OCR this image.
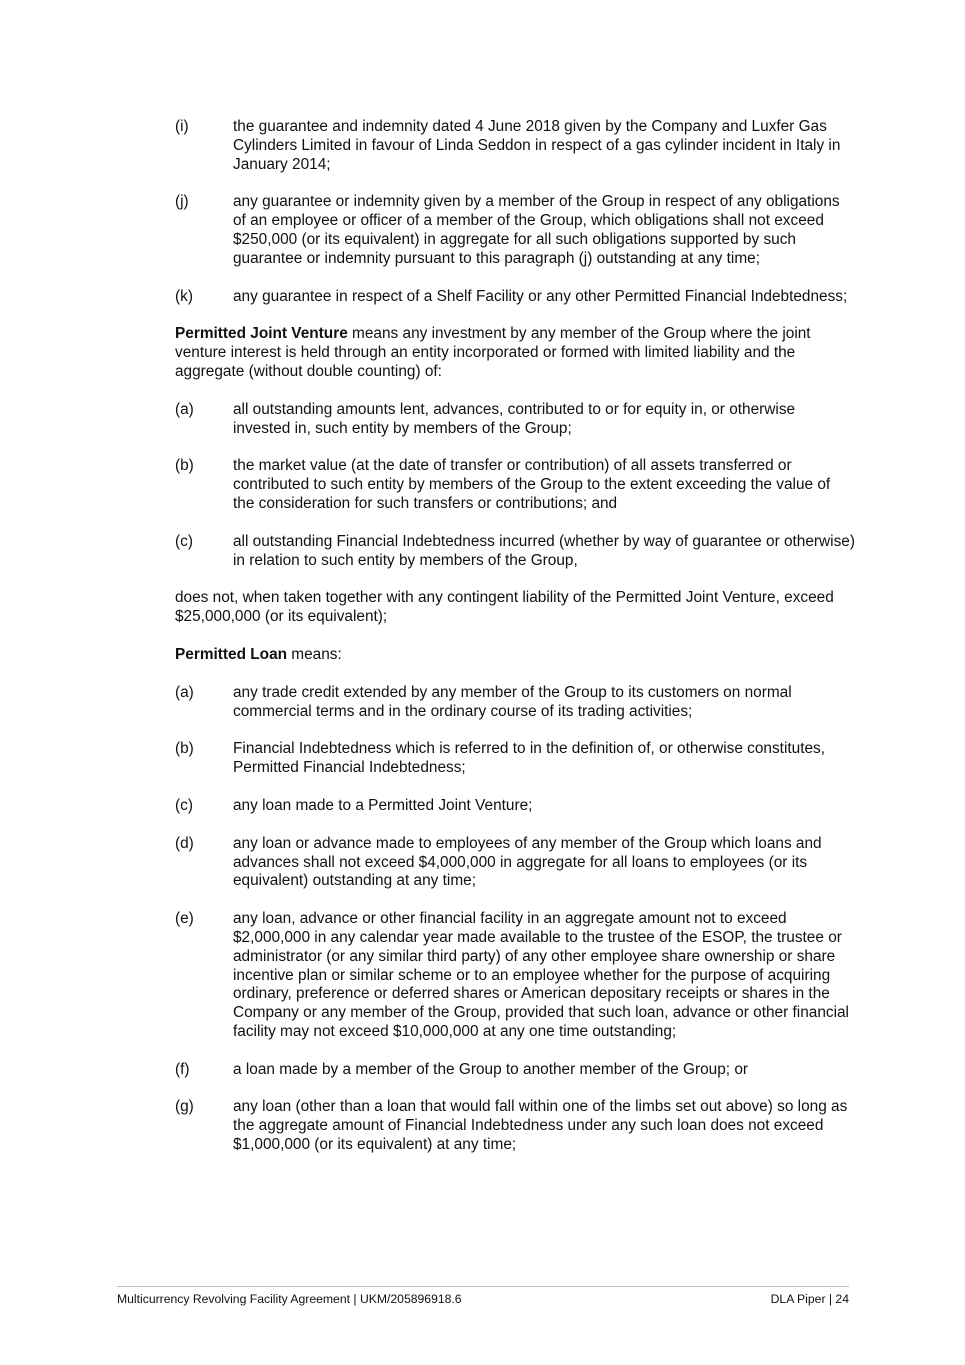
(i)	the guarantee and indemnity dated 4 June 2018 given by the Company and Luxfer Gas Cylinders Limited in favour of Linda Seddon in respect of a gas cylinder incident in Italy in January 2014;
(j)	any guarantee or indemnity given by a member of the Group in respect of any obligations of an employee or officer of a member of the Group, which obligations shall not exceed $250,000 (or its equivalent) in aggregate for all such obligations supported by such guarantee or indemnity pursuant to this paragraph (j) outstanding at any time;
(k)	any guarantee in respect of a Shelf Facility or any other Permitted Financial Indebtedness;
Permitted Joint Venture means any investment by any member of the Group where the joint venture interest is held through an entity incorporated or formed with limited liability and the aggregate (without double counting) of:
(a)	all outstanding amounts lent, advances, contributed to or for equity in, or otherwise invested in, such entity by members of the Group;
(b)	the market value (at the date of transfer or contribution) of all assets transferred or contributed to such entity by members of the Group to the extent exceeding the value of the consideration for such transfers or contributions; and
(c)	all outstanding Financial Indebtedness incurred (whether by way of guarantee or otherwise) in relation to such entity by members of the Group,
does not, when taken together with any contingent liability of the Permitted Joint Venture, exceed $25,000,000 (or its equivalent);
Permitted Loan means:
(a)	any trade credit extended by any member of the Group to its customers on normal commercial terms and in the ordinary course of its trading activities;
(b)	Financial Indebtedness which is referred to in the definition of, or otherwise constitutes, Permitted Financial Indebtedness;
(c)	any loan made to a Permitted Joint Venture;
(d)	any loan or advance made to employees of any member of the Group which loans and advances shall not exceed $4,000,000 in aggregate for all loans to employees (or its equivalent) outstanding at any time;
(e)	any loan, advance or other financial facility in an aggregate amount not to exceed $2,000,000 in any calendar year made available to the trustee of the ESOP, the trustee or administrator (or any similar third party) of any other employee share ownership or share incentive plan or similar scheme or to an employee whether for the purpose of acquiring ordinary, preference or deferred shares or American depositary receipts or shares in the Company or any member of the Group, provided that such loan, advance or other financial facility may not exceed $10,000,000 at any one time outstanding;
(f)	a loan made by a member of the Group to another member of the Group; or
(g)	any loan (other than a loan that would fall within one of the limbs set out above) so long as the aggregate amount of Financial Indebtedness under any such loan does not exceed $1,000,000 (or its equivalent) at any time;
Multicurrency Revolving Facility Agreement | UKM/205896918.6	DLA Piper | 24
